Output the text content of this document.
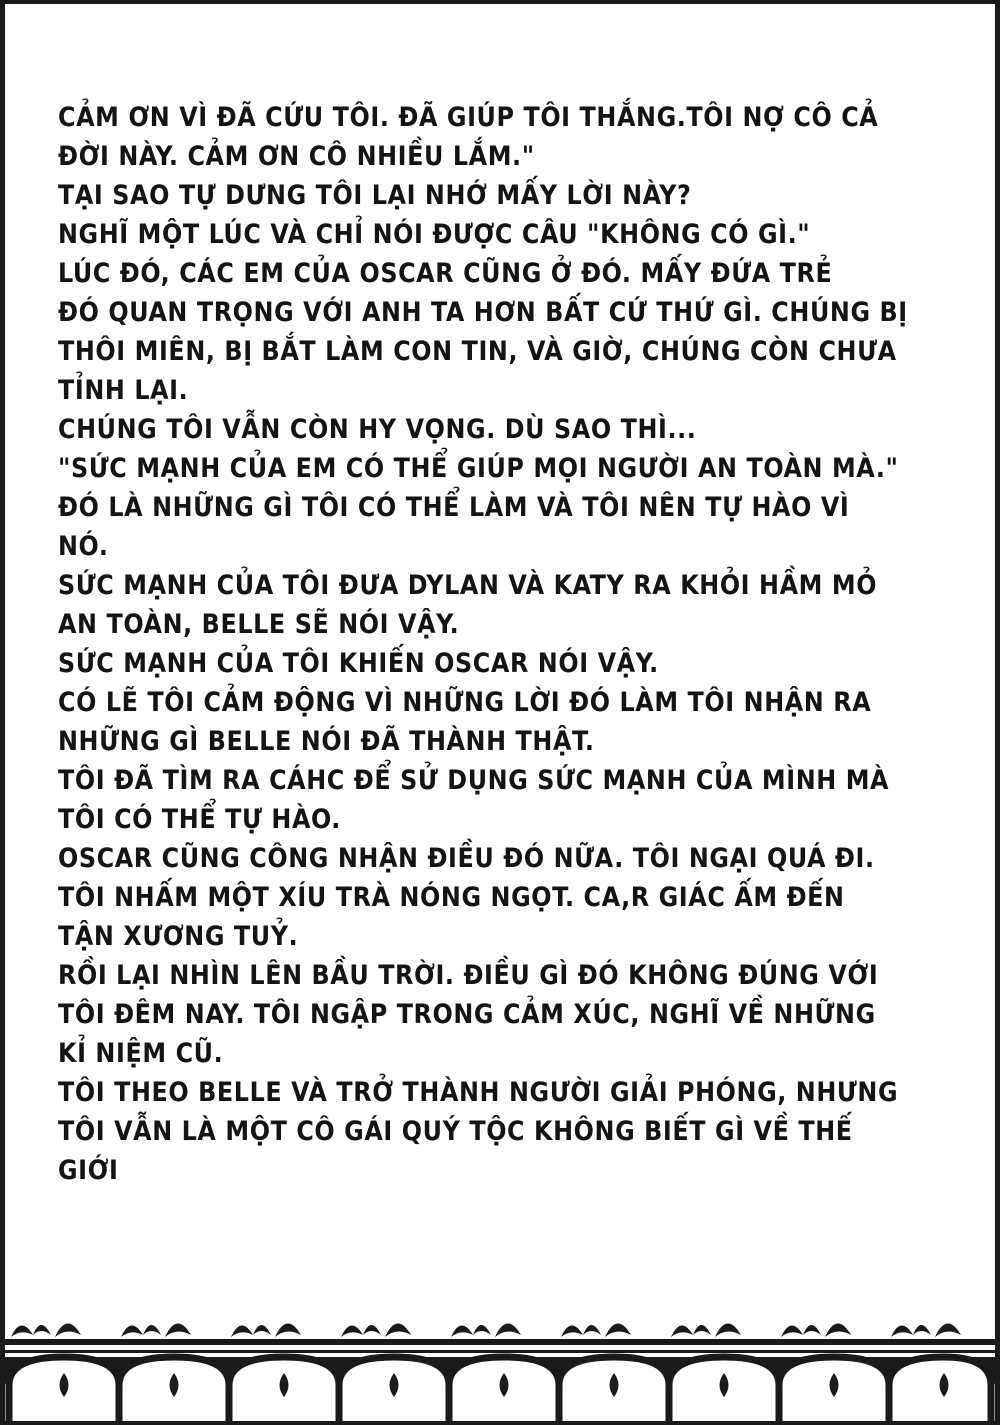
CẢM ƠN VÌ ĐÃ CỨU TÔI. ĐÃ GIÚP TÔI THẮNG.TÔI NỢ CÔ CẢ
ĐỜI NÀY. CẢM ƠN CÔ NHIỀU LẮM."
TẠI SAO TỰ DƯNG TÔI LẠI NHỚ MẤY LỜI NÀY?
NGHĨ MỘT LÚC VÀ CHỈ NÓI ĐƯỢC CÂU "KHÔNG CÓ GÌ."
LÚC ĐÓ, CÁC EM CỦA OSCAR CŨNG Ở ĐÓ. MẤY ĐỨA TRẺ
ĐÓ QUAN TRỌNG VỚI ANH TA HƠN BẤT CỨ THỨ GÌ. CHÚNG BỊ
THÔI MIÊN, BỊ BẮT LÀM CON TIN, VÀ GIỜ, CHÚNG CÒN CHƯA
TỈNH LẠI.
CHÚNG TÔI VẪN CÒN HY VỌNG. DÙ SAO THÌ...
"SỨC MẠNH CỦA EM CÓ THỂ GIÚP MỌI NGƯỜI AN TOÀN MÀ."
ĐÓ LÀ NHỮNG GÌ TÔI CÓ THỂ LÀM VÀ TÔI NÊN TỰ HÀO VÌ
NÓ.
SỨC MẠNH CỦA TÔI ĐƯA DYLAN VÀ KATY RA KHỎI HẦM MỎ
AN TOÀN, BELLE SẼ NÓI VẬY.
SỨC MẠNH CỦA TÔI KHIẾN OSCAR NÓI VẬY.
CÓ LẼ TÔI CẢM ĐỘNG VÌ NHỮNG LỜI ĐÓ LÀM TÔI NHẬN RA
NHỮNG GÌ BELLE NÓI ĐÃ THÀNH THẬT.
TÔI ĐÃ TÌM RA CÁHC ĐỂ SỬ DỤNG SỨC MẠNH CỦA MÌNH MÀ
TÔI CÓ THỂ TỰ HÀO.
OSCAR CŨNG CÔNG NHẬN ĐIỀU ĐÓ NỮA. TÔI NGẠI QUÁ ĐI.
TÔI NHẤM MỘT XÍU TRÀ NÓNG NGỌT. CA,R GIÁC ẤM ĐẾN
TẬN XƯƠNG TUỶ.
RỒI LẠI NHÌN LÊN BẦU TRỜI. ĐIỀU GÌ ĐÓ KHÔNG ĐÚNG VỚI
TÔI ĐÊM NAY. TÔI NGẬP TRONG CẢM XÚC, NGHĨ VỀ NHỮNG
KỈ NIỆM CŨ.
TÔI THEO BELLE VÀ TRỞ THÀNH NGƯỜI GIẢI PHÓNG, NHƯNG
TÔI VẪN LÀ MỘT CÔ GÁI QUÝ TỘC KHÔNG BIẾT GÌ VỀ THẾ
GIỚI
